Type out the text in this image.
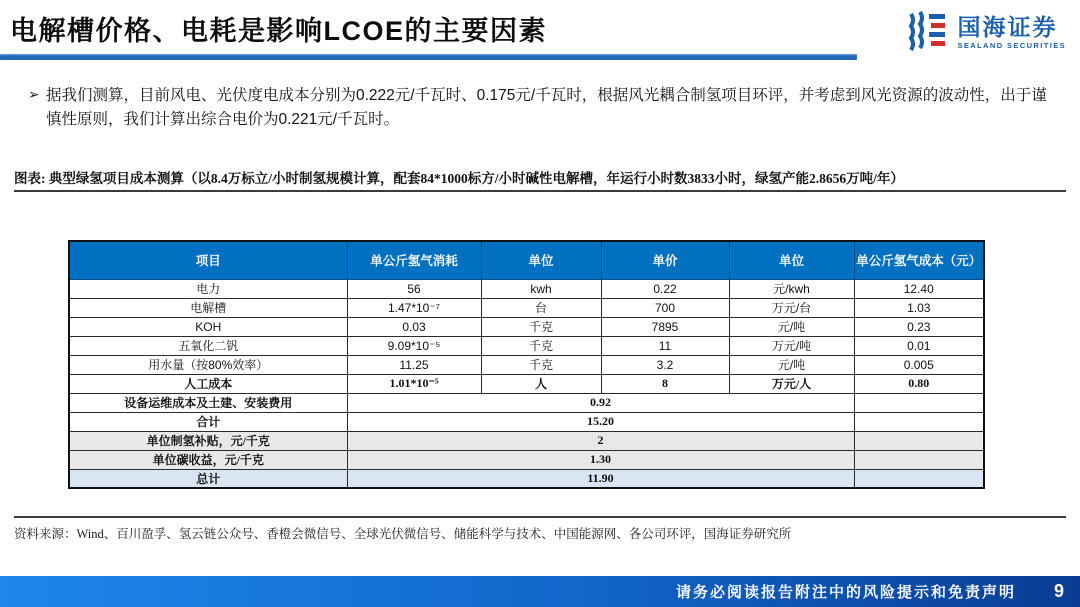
电解槽价格、电耗是影响LCOE的主要因素	国海证券
SEALAND SECURITIES
➢ 据我们测算，目前风电、光伏度电成本分别为0.222元/千瓦时、0.175元/千瓦时，根据风光耦合制氢项目环评，并考虑到风光资源的波动性，出于谨慎性原则，我们计算出综合电价为0.221元/千瓦时。
图表: 典型绿氢项目成本测算（以8.4万标立/小时制氢规模计算，配套84*1000标方/小时碱性电解槽，年运行小时数3833小时，绿氢产能2.8656万吨/年）
项目	单公斤氢气消耗	单位	单价	单位	单公斤氢气成本（元）
电力	56	kwh	0.22	元/kwh	12.40
电解槽	1.47*10⁻⁷	台	700	万元/台	1.03
KOH	0.03	千克	7895	元/吨	0.23
五氧化二钒	9.09*10⁻⁵	千克	11	万元/吨	0.01
用水量（按80%效率）	11.25	千克	3.2	元/吨	0.005
人工成本	1.01*10⁻⁵	人	8	万元/人	0.80
设备运维成本及土建、安装费用	0.92				
合计	15.20				
单位制氢补贴，元/千克	2				
单位碳收益，元/千克	1.30				
总计	11.90				
资料来源：Wind、百川盈孚、氢云链公众号、香橙会微信号、全球光伏微信号、储能科学与技术、中国能源网、各公司环评，国海证券研究所
请务必阅读报告附注中的风险提示和免责声明 9
